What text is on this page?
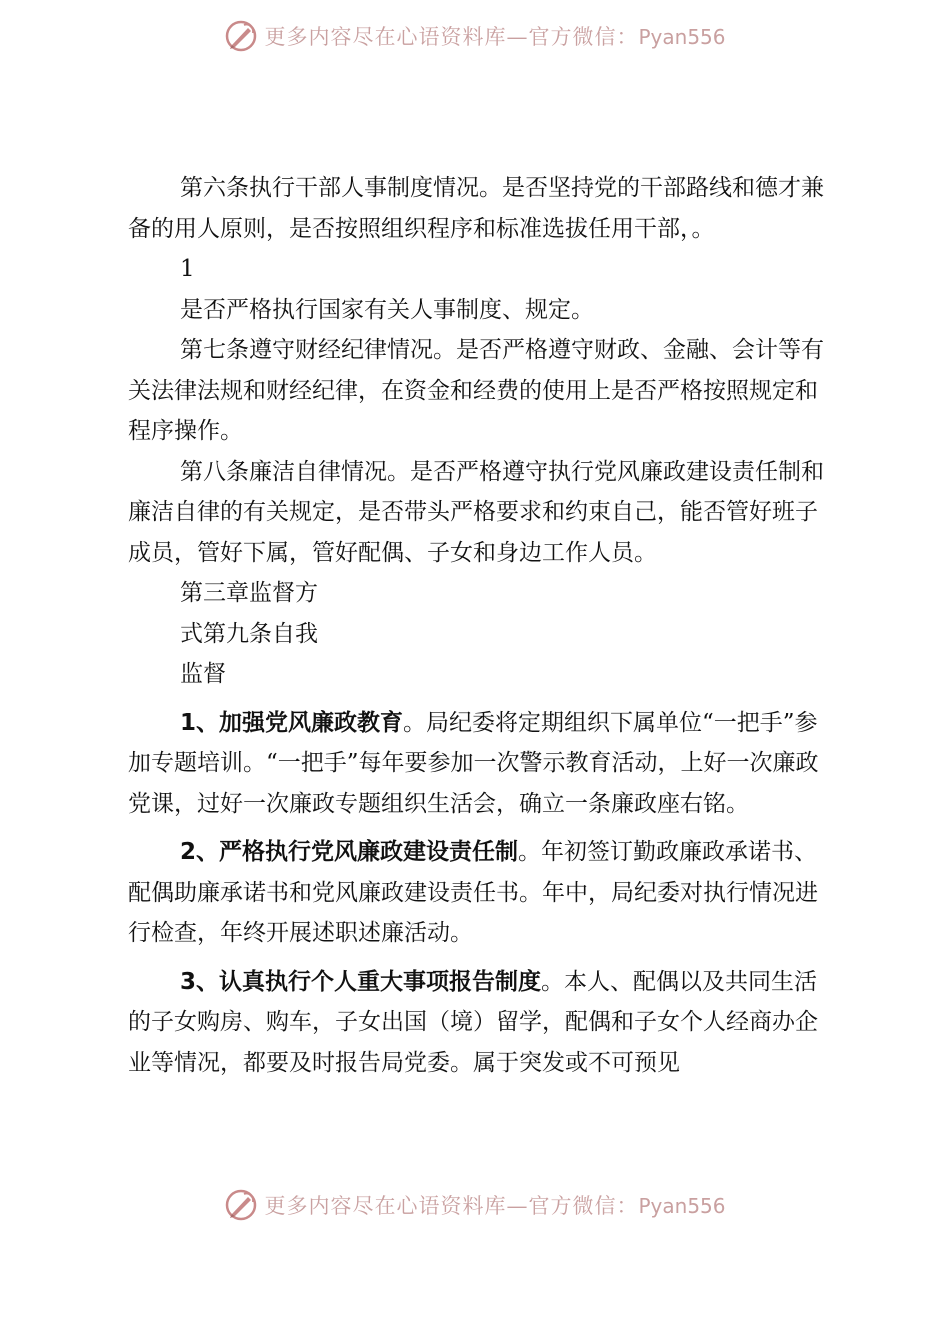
更多内容尽在心语资料库—官方微信：Pyan556

第六条执行干部人事制度情况。是否坚持党的干部路线和德才兼备的用人原则，是否按照组织程序和标准选拔任用干部，。

1

是否严格执行国家有关人事制度、规定。

第七条遵守财经纪律情况。是否严格遵守财政、金融、会计等有关法律法规和财经纪律，在资金和经费的使用上是否严格按照规定和程序操作。

第八条廉洁自律情况。是否严格遵守执行党风廉政建设责任制和廉洁自律的有关规定，是否带头严格要求和约束自己，能否管好班子成员，管好下属，管好配偶、子女和身边工作人员。

第三章监督方

式第九条自我

监督

1、加强党风廉政教育。局纪委将定期组织下属单位“一把手”参加专题培训。“一把手”每年要参加一次警示教育活动，上好一次廉政党课，过好一次廉政专题组织生活会，确立一条廉政座右铭。

2、严格执行党风廉政建设责任制。年初签订勤政廉政承诺书、配偶助廉承诺书和党风廉政建设责任书。年中，局纪委对执行情况进行检查，年终开展述职述廉活动。

3、认真执行个人重大事项报告制度。本人、配偶以及共同生活的子女购房、购车，子女出国（境）留学，配偶和子女个人经商办企业等情况，都要及时报告局党委。属于突发或不可预见

更多内容尽在心语资料库—官方微信：Pyan556
